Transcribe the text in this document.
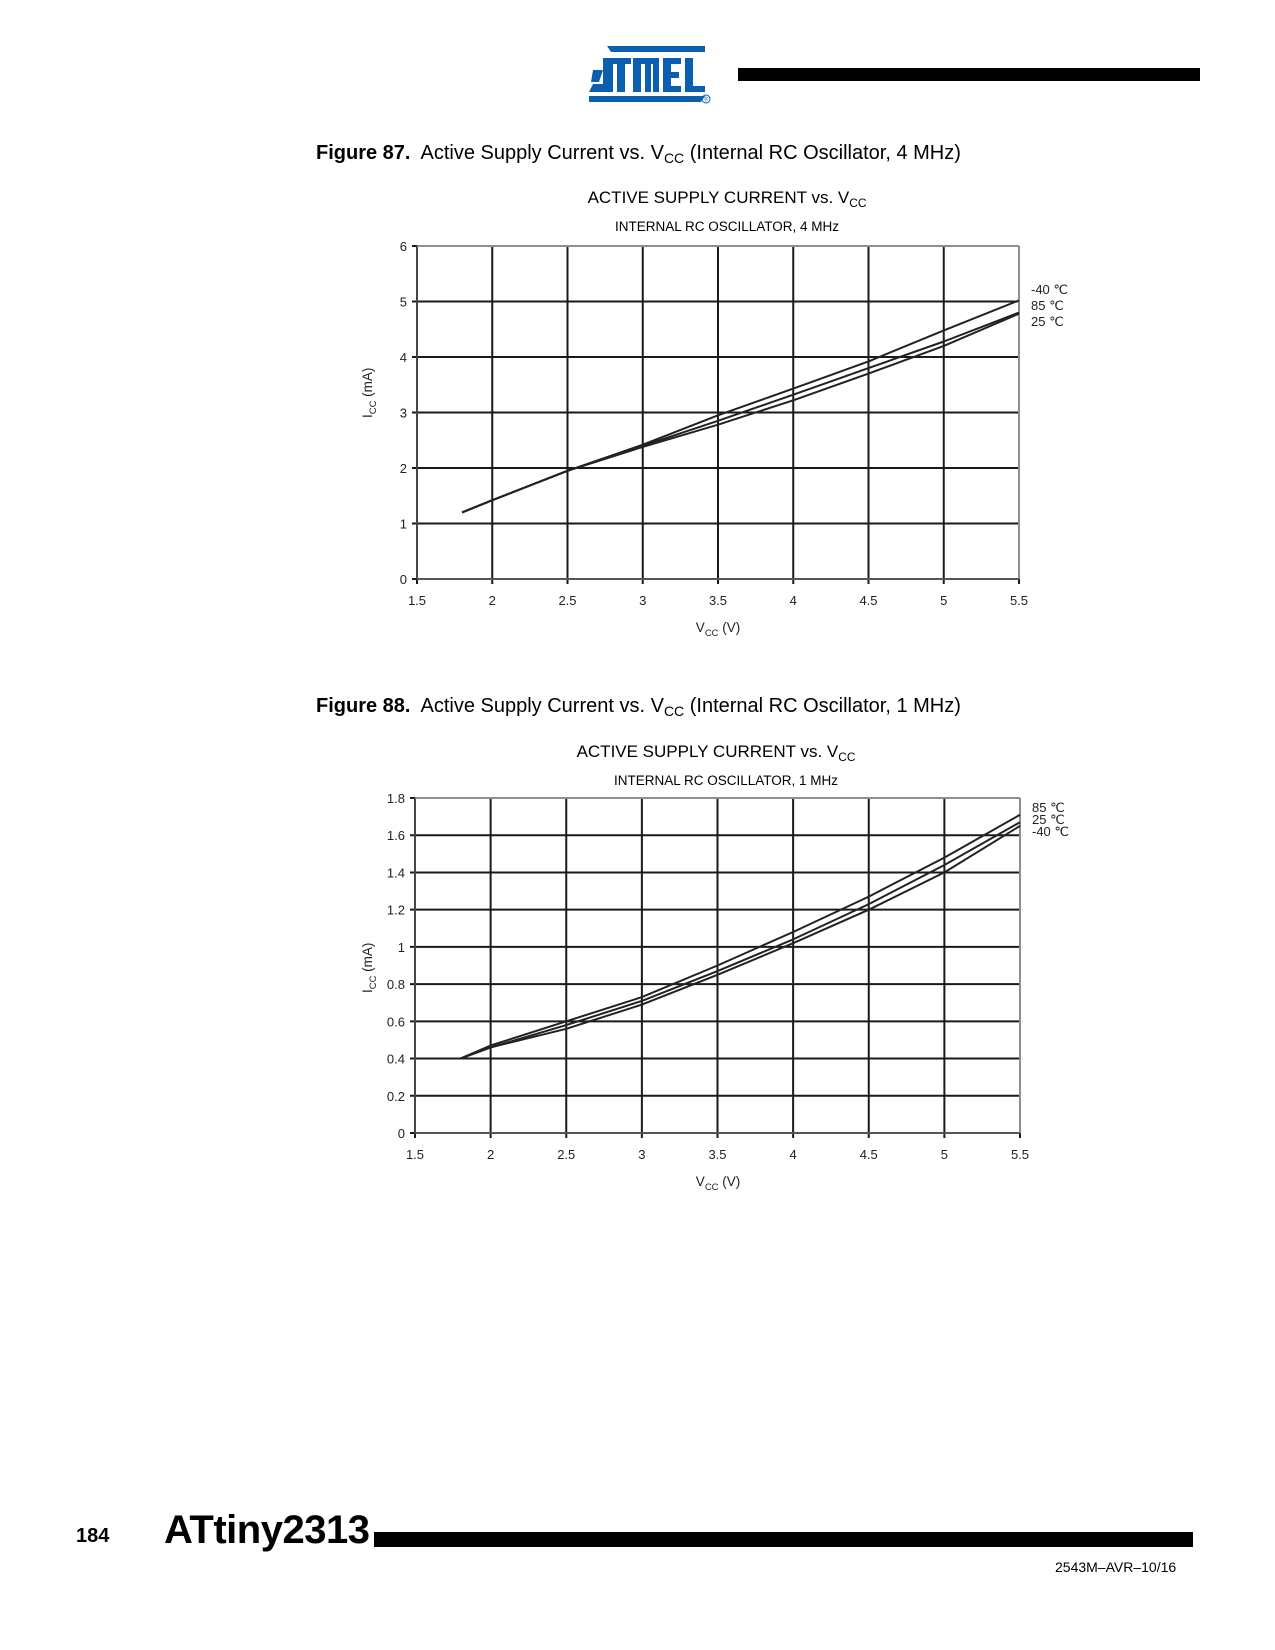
®
Figure 87. Active Supply Current vs. $V_{CC}$ (Internal RC Oscillator, 4 MHz)
ACTIVE SUPPLY CURRENT vs. $V_{CC}$
INTERNAL RC OSCILLATOR, 4 MHz
$I_{CC}$ (mA)
$V_{CC}$ (V)
1.5	2	2.5	3	3.5	4	4.5	5	5.5
0
1
2
3
4
5
6
-40 ℃
85 ℃
25 ℃
Figure 88. Active Supply Current vs. $V_{CC}$ (Internal RC Oscillator, 1 MHz)
ACTIVE SUPPLY CURRENT vs. $V_{CC}$
INTERNAL RC OSCILLATOR, 1 MHz
$I_{CC}$ (mA)
$V_{CC}$ (V)
1.5	2	2.5	3	3.5	4	4.5	5	5.5
0
0.2
0.4
0.6
0.8
1
1.2
1.4
1.6
1.8
85 ℃
25 ℃
-40 ℃
184 ATtiny2313
2543M–AVR–10/16
